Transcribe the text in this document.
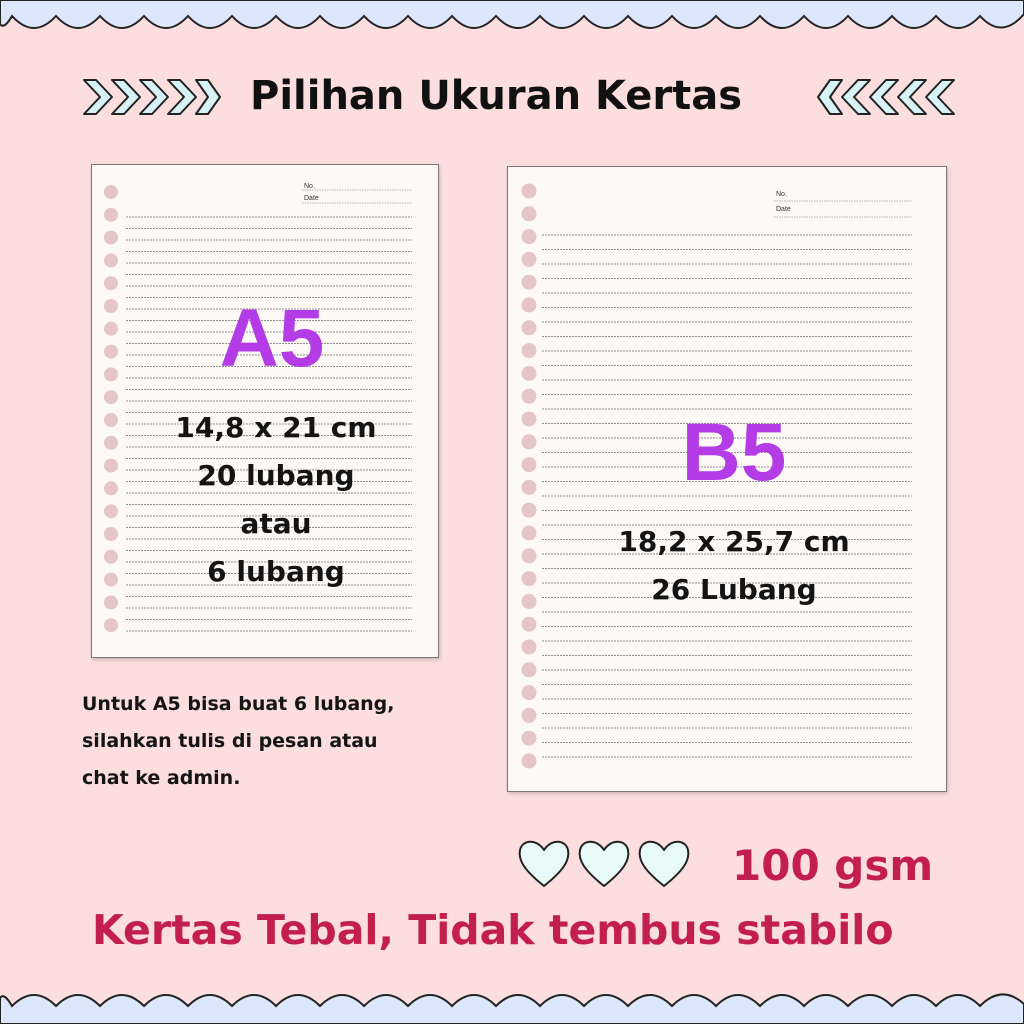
Pilihan Ukuran Kertas
No.
Date
A5
14,8 x 21 cm
20 lubang
atau
6 lubang
No.
Date
B5
18,2 x 25,7 cm
26 Lubang
Untuk A5 bisa buat 6 lubang,
silahkan tulis di pesan atau
chat ke admin.
100 gsm
Kertas Tebal, Tidak tembus stabilo
